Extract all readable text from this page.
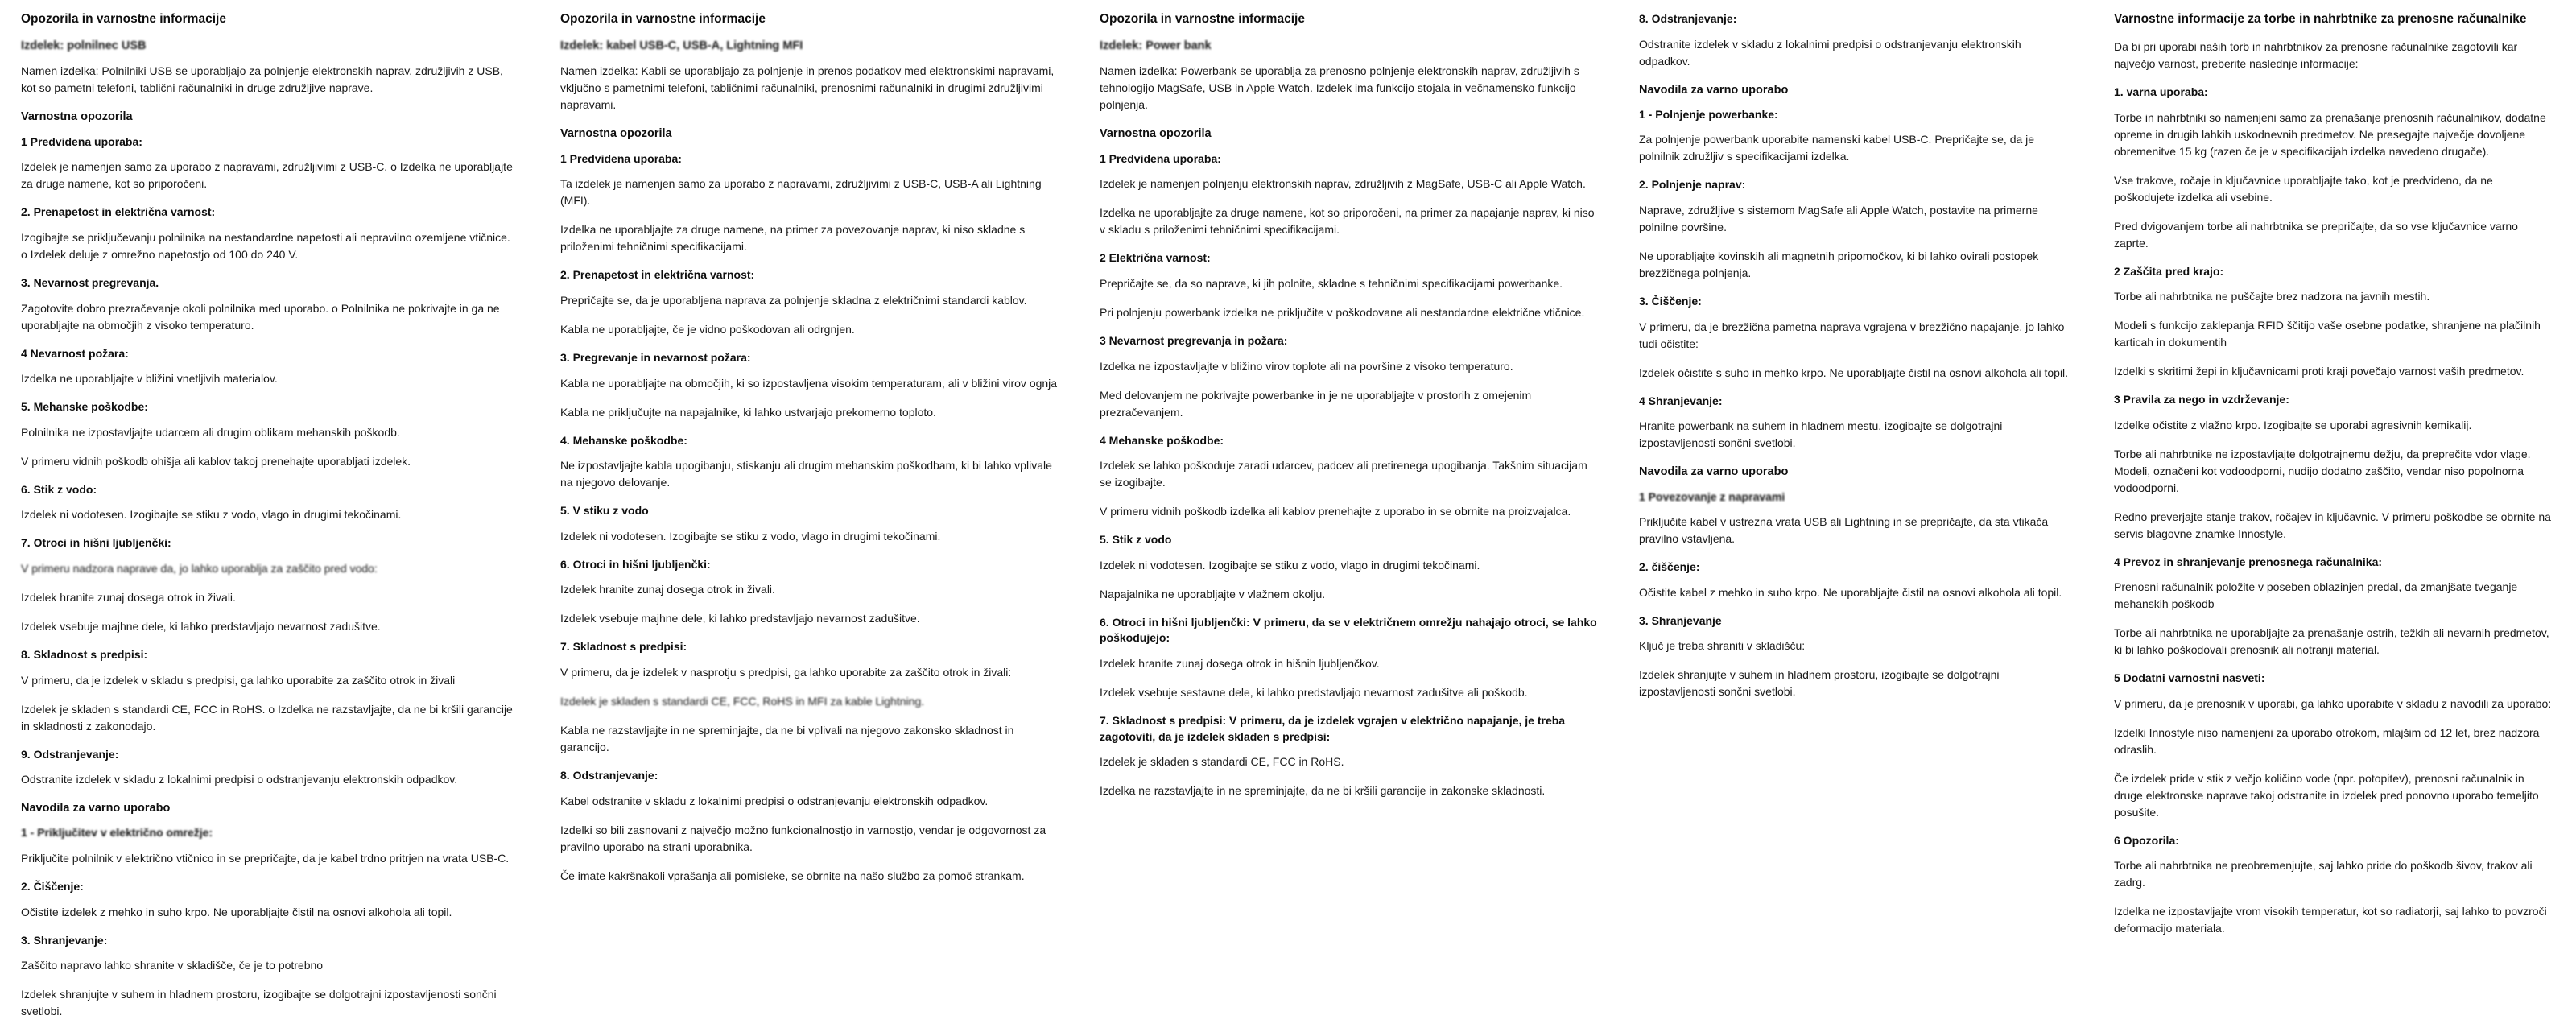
Opozorila in varnostne informacije
Izdelek: polnilnec USB

Namen izdelka: Polnilniki USB se uporabljajo za polnjenje elektronskih naprav, združljivih z USB, kot so pametni telefoni, tablični računalniki in druge združljive naprave.

Varnostna opozorila
1 Predvidena uporaba:

Izdelek je namenjen samo za uporabo z napravami, združljivimi z USB-C. o Izdelka ne uporabljajte za druge namene, kot so priporočeni.

2. Prenapetost in električna varnost:

Izogibajte se priključevanju polnilnika na nestandardne napetosti ali nepravilno ozemljene vtičnice. o Izdelek deluje z omrežno napetostjo od 100 do 240 V.

3. Nevarnost pregrevanja.

Zagotovite dobro prezračevanje okoli polnilnika med uporabo. o Polnilnika ne pokrivajte in ga ne uporabljajte na območjih z visoko temperaturo.

4 Nevarnost požara:

Izdelka ne uporabljajte v bližini vnetljivih materialov.

5. Mehanske poškodbe:

Polnilnika ne izpostavljajte udarcem ali drugim oblikam mehanskih poškodb.

V primeru vidnih poškodb ohišja ali kablov takoj prenehajte uporabljati izdelek.

6. Stik z vodo:

Izdelek ni vodotesen. Izogibajte se stiku z vodo, vlago in drugimi tekočinami.

7. Otroci in hišni ljubljenčki:

V primeru nadzora naprave da, jo lahko uporablja za zaščito pred vodo:

Izdelek hranite zunaj dosega otrok in živali.

Izdelek vsebuje majhne dele, ki lahko predstavljajo nevarnost zadušitve.

8. Skladnost s predpisi:

V primeru, da je izdelek v skladu s predpisi, ga lahko uporabite za zaščito otrok in živali

Izdelek je skladen s standardi CE, FCC in RoHS. o Izdelka ne razstavljajte, da ne bi kršili garancije in skladnosti z zakonodajo.

9. Odstranjevanje:

Odstranite izdelek v skladu z lokalnimi predpisi o odstranjevanju elektronskih odpadkov.

Navodila za varno uporabo
1 - Priključitev v električno omrežje:

Priključite polnilnik v električno vtičnico in se prepričajte, da je kabel trdno pritrjen na vrata USB-C.

2. Čiščenje:

Očistite izdelek z mehko in suho krpo. Ne uporabljajte čistil na osnovi alkohola ali topil.

3. Shranjevanje:

Zaščito napravo lahko shranite v skladišče, če je to potrebno

Izdelek shranjujte v suhem in hladnem prostoru, izogibajte se dolgotrajni izpostavljenosti sončni svetlobi.

Opozorila in varnostne informacije
Izdelek: kabel USB-C, USB-A, Lightning MFI

Namen izdelka: Kabli se uporabljajo za polnjenje in prenos podatkov med elektronskimi napravami, vključno s pametnimi telefoni, tabličnimi računalniki, prenosnimi računalniki in drugimi združljivimi napravami.

Varnostna opozorila
1 Predvidena uporaba:

Ta izdelek je namenjen samo za uporabo z napravami, združljivimi z USB-C, USB-A ali Lightning (MFI).

Izdelka ne uporabljajte za druge namene, na primer za povezovanje naprav, ki niso skladne s priloženimi tehničnimi specifikacijami.

2. Prenapetost in električna varnost:

Prepričajte se, da je uporabljena naprava za polnjenje skladna z električnimi standardi kablov.

Kabla ne uporabljajte, če je vidno poškodovan ali odrgnjen.

3. Pregrevanje in nevarnost požara:

Kabla ne uporabljajte na območjih, ki so izpostavljena visokim temperaturam, ali v bližini virov ognja

Kabla ne priključujte na napajalnike, ki lahko ustvarjajo prekomerno toploto.

4. Mehanske poškodbe:

Ne izpostavljajte kabla upogibanju, stiskanju ali drugim mehanskim poškodbam, ki bi lahko vplivale na njegovo delovanje.

5. V stiku z vodo

Izdelek ni vodotesen. Izogibajte se stiku z vodo, vlago in drugimi tekočinami.

6. Otroci in hišni ljubljenčki:

Izdelek hranite zunaj dosega otrok in živali.

Izdelek vsebuje majhne dele, ki lahko predstavljajo nevarnost zadušitve.

7. Skladnost s predpisi:

V primeru, da je izdelek v nasprotju s predpisi, ga lahko uporabite za zaščito otrok in živali:

Izdelek je skladen s standardi CE, FCC, RoHS in MFI za kable Lightning.

Kabla ne razstavljajte in ne spreminjajte, da ne bi vplivali na njegovo zakonsko skladnost in garancijo.

8. Odstranjevanje:

Kabel odstranite v skladu z lokalnimi predpisi o odstranjevanju elektronskih odpadkov.

Izdelki so bili zasnovani z največjo možno funkcionalnostjo in varnostjo, vendar je odgovornost za pravilno uporabo na strani uporabnika.

Če imate kakršnakoli vprašanja ali pomisleke, se obrnite na našo službo za pomoč strankam.

Opozorila in varnostne informacije
Izdelek: Power bank

Namen izdelka: Powerbank se uporablja za prenosno polnjenje elektronskih naprav, združljivih s tehnologijo MagSafe, USB in Apple Watch. Izdelek ima funkcijo stojala in večnamensko funkcijo polnjenja.

Varnostna opozorila
1 Predvidena uporaba:

Izdelek je namenjen polnjenju elektronskih naprav, združljivih z MagSafe, USB-C ali Apple Watch.

Izdelka ne uporabljajte za druge namene, kot so priporočeni, na primer za napajanje naprav, ki niso v skladu s priloženimi tehničnimi specifikacijami.

2 Električna varnost:

Prepričajte se, da so naprave, ki jih polnite, skladne s tehničnimi specifikacijami powerbanke.

Pri polnjenju powerbank izdelka ne priključite v poškodovane ali nestandardne električne vtičnice.

3 Nevarnost pregrevanja in požara:

Izdelka ne izpostavljajte v bližino virov toplote ali na površine z visoko temperaturo.

Med delovanjem ne pokrivajte powerbanke in je ne uporabljajte v prostorih z omejenim prezračevanjem.

4 Mehanske poškodbe:

Izdelek se lahko poškoduje zaradi udarcev, padcev ali pretirenega upogibanja. Takšnim situacijam se izogibajte.

V primeru vidnih poškodb izdelka ali kablov prenehajte z uporabo in se obrnite na proizvajalca.

5. Stik z vodo

Izdelek ni vodotesen. Izogibajte se stiku z vodo, vlago in drugimi tekočinami.

Napajalnika ne uporabljajte v vlažnem okolju.

6. Otroci in hišni ljubljenčki: V primeru, da se v električnem omrežju nahajajo otroci, se lahko poškodujejo:

Izdelek hranite zunaj dosega otrok in hišnih ljubljenčkov.

Izdelek vsebuje sestavne dele, ki lahko predstavljajo nevarnost zadušitve ali poškodb.

7. Skladnost s predpisi: V primeru, da je izdelek vgrajen v električno napajanje, je treba zagotoviti, da je izdelek skladen s predpisi:

Izdelek je skladen s standardi CE, FCC in RoHS.

Izdelka ne razstavljajte in ne spreminjajte, da ne bi kršili garancije in zakonske skladnosti.

8. Odstranjevanje:

Odstranite izdelek v skladu z lokalnimi predpisi o odstranjevanju elektronskih odpadkov.

Navodila za varno uporabo
1 - Polnjenje powerbanke:

Za polnjenje powerbank uporabite namenski kabel USB-C. Prepričajte se, da je polnilnik združljiv s specifikacijami izdelka.

2. Polnjenje naprav:

Naprave, združljive s sistemom MagSafe ali Apple Watch, postavite na primerne polnilne površine.

Ne uporabljajte kovinskih ali magnetnih pripomočkov, ki bi lahko ovirali postopek brezžičnega polnjenja.

3. Čiščenje:

V primeru, da je brezžična pametna naprava vgrajena v brezžično napajanje, jo lahko tudi očistite:

Izdelek očistite s suho in mehko krpo. Ne uporabljajte čistil na osnovi alkohola ali topil.

4 Shranjevanje:

Hranite powerbank na suhem in hladnem mestu, izogibajte se dolgotrajni izpostavljenosti sončni svetlobi.

Navodila za varno uporabo
1 Povezovanje z napravami

Priključite kabel v ustrezna vrata USB ali Lightning in se prepričajte, da sta vtikača pravilno vstavljena.

2. čiščenje:

Očistite kabel z mehko in suho krpo. Ne uporabljajte čistil na osnovi alkohola ali topil.

3. Shranjevanje

Ključ je treba shraniti v skladišču:

Izdelek shranjujte v suhem in hladnem prostoru, izogibajte se dolgotrajni izpostavljenosti sončni svetlobi.

Varnostne informacije za torbe in nahrbtnike za prenosne računalnike

Da bi pri uporabi naših torb in nahrbtnikov za prenosne računalnike zagotovili kar največjo varnost, preberite naslednje informacije:

1. varna uporaba:

Torbe in nahrbtniki so namenjeni samo za prenašanje prenosnih računalnikov, dodatne opreme in drugih lahkih uskodnevnih predmetov. Ne presegajte največje dovoljene obremenitve 15 kg (razen če je v specifikacijah izdelka navedeno drugače).

Vse trakove, ročaje in ključavnice uporabljajte tako, kot je predvideno, da ne poškodujete izdelka ali vsebine.

Pred dvigovanjem torbe ali nahrbtnika se prepričajte, da so vse ključavnice varno zaprte.

2 Zaščita pred krajo:

Torbe ali nahrbtnika ne puščajte brez nadzora na javnih mestih.

Modeli s funkcijo zaklepanja RFID ščitijo vaše osebne podatke, shranjene na plačilnih karticah in dokumentih

Izdelki s skritimi žepi in ključavnicami proti kraji povečajo varnost vaših predmetov.

3 Pravila za nego in vzdrževanje:

Izdelke očistite z vlažno krpo. Izogibajte se uporabi agresivnih kemikalij.

Torbe ali nahrbtnike ne izpostavljajte dolgotrajnemu dežju, da preprečite vdor vlage. Modeli, označeni kot vodoodporni, nudijo dodatno zaščito, vendar niso popolnoma vodoodporni.

Redno preverjajte stanje trakov, ročajev in ključavnic. V primeru poškodbe se obrnite na servis blagovne znamke Innostyle.

4 Prevoz in shranjevanje prenosnega računalnika:

Prenosni računalnik položite v poseben oblazinjen predal, da zmanjšate tveganje mehanskih poškodb

Torbe ali nahrbtnika ne uporabljajte za prenašanje ostrih, težkih ali nevarnih predmetov, ki bi lahko poškodovali prenosnik ali notranji material.

5 Dodatni varnostni nasveti:

V primeru, da je prenosnik v uporabi, ga lahko uporabite v skladu z navodili za uporabo:

Izdelki Innostyle niso namenjeni za uporabo otrokom, mlajšim od 12 let, brez nadzora odraslih.

Če izdelek pride v stik z večjo količino vode (npr. potopitev), prenosni računalnik in druge elektronske naprave takoj odstranite in izdelek pred ponovno uporabo temeljito posušite.

6 Opozorila:

Torbe ali nahrbtnika ne preobremenjujte, saj lahko pride do poškodb šivov, trakov ali zadrg.

Izdelka ne izpostavljajte vrom visokih temperatur, kot so radiatorji, saj lahko to povzroči deformacijo materiala.
